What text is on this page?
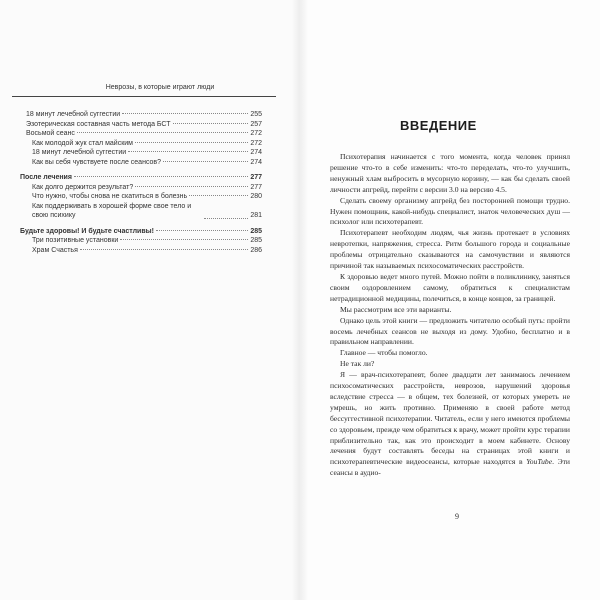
Неврозы, в которые играют люди
18 минут лечебной суггестии	255
Эзотерическая составная часть метода БСТ	257
Восьмой сеанс	272
Как молодой жук стал майским	272
18 минут лечебной суггестии	274
Как вы себя чувствуете после сеансов?	274
После лечения	277
Как долго держится результат?	277
Что нужно, чтобы снова не скатиться в болезнь	280
Как поддерживать в хорошей форме свое тело и свою психику	281
Будьте здоровы! И будьте счастливы!	285
Три позитивные установки	285
Храм Счастья	286
ВВЕДЕНИЕ

Психотерапия начинается с того момента, когда человек принял решение что-то в себе изменить: что-то переделать, что-то улучшить, ненужный хлам выбросить в мусорную корзину, — как бы сделать своей личности апгрейд, перейти с версии 3.0 на версию 4.5.

Сделать своему организму апгрейд без посторонней помощи трудно. Нужен помощник, какой-нибудь специалист, знаток человеческих душ — психолог или психотерапевт.

Психотерапевт необходим людям, чья жизнь протекает в условиях невротепки, напряжения, стресса. Ритм большого города и социальные проблемы отрицательно сказываются на самочувствии и являются причиной так называемых психосоматических расстройств.

К здоровью ведет много путей. Можно пойти в поликлинику, заняться своим оздоровлением самому, обратиться к специалистам нетрадиционной медицины, полечиться, в конце концов, за границей.

Мы рассмотрим все эти варианты.

Однако цель этой книги — предложить читателю особый путь: пройти восемь лечебных сеансов не выходя из дому. Удобно, бесплатно и в правильном направлении.

Главное — чтобы помогло.

Не так ли?

Я — врач-психотерапевт, более двадцати лет занимаюсь лечением психосоматических расстройств, неврозов, нарушений здоровья вследствие стресса — в общем, тех болезней, от которых умереть не умрешь, но жить противно. Применяю в своей работе метод бессуггестивной психотерапии. Читатель, если у него имеются проблемы со здоровьем, прежде чем обратиться к врачу, может пройти курс терапии приблизительно так, как это происходит в моем кабинете. Основу лечения будут составлять беседы на страницах этой книги и психотерапевтические видеосеансы, которые находятся в YouTube. Эти сеансы в аудио-

9
